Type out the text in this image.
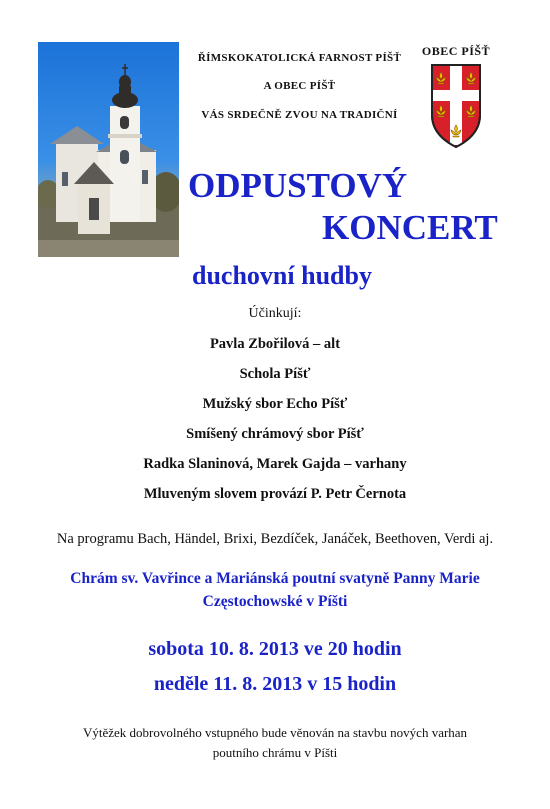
ŘÍMSKOKATOLICKÁ FARNOST PÍŠŤ

A OBEC PÍŠŤ

VÁS SRDEČNĚ ZVOU NA TRADIČNÍ

OBEC PÍŠŤ
ODPUSTOVÝ
KONCERT
duchovní hudby

Účinkují:

Pavla Zbořilová – alt

Schola Píšť

Mužský sbor Echo Píšť

Smíšený chrámový sbor Píšť

Radka Slaninová, Marek Gajda – varhany

Mluveným slovem provází P. Petr Černota

Na programu Bach, Händel, Brixi, Bezdíček, Janáček, Beethoven, Verdi aj.

Chrám sv. Vavřince a Mariánská poutní svatyně Panny Marie

Częstochowské v Píšti

sobota 10. 8. 2013 ve 20 hodin

neděle 11. 8. 2013 v 15 hodin

Výtěžek dobrovolného vstupného bude věnován na stavbu nových varhan

poutního chrámu v Píšti
